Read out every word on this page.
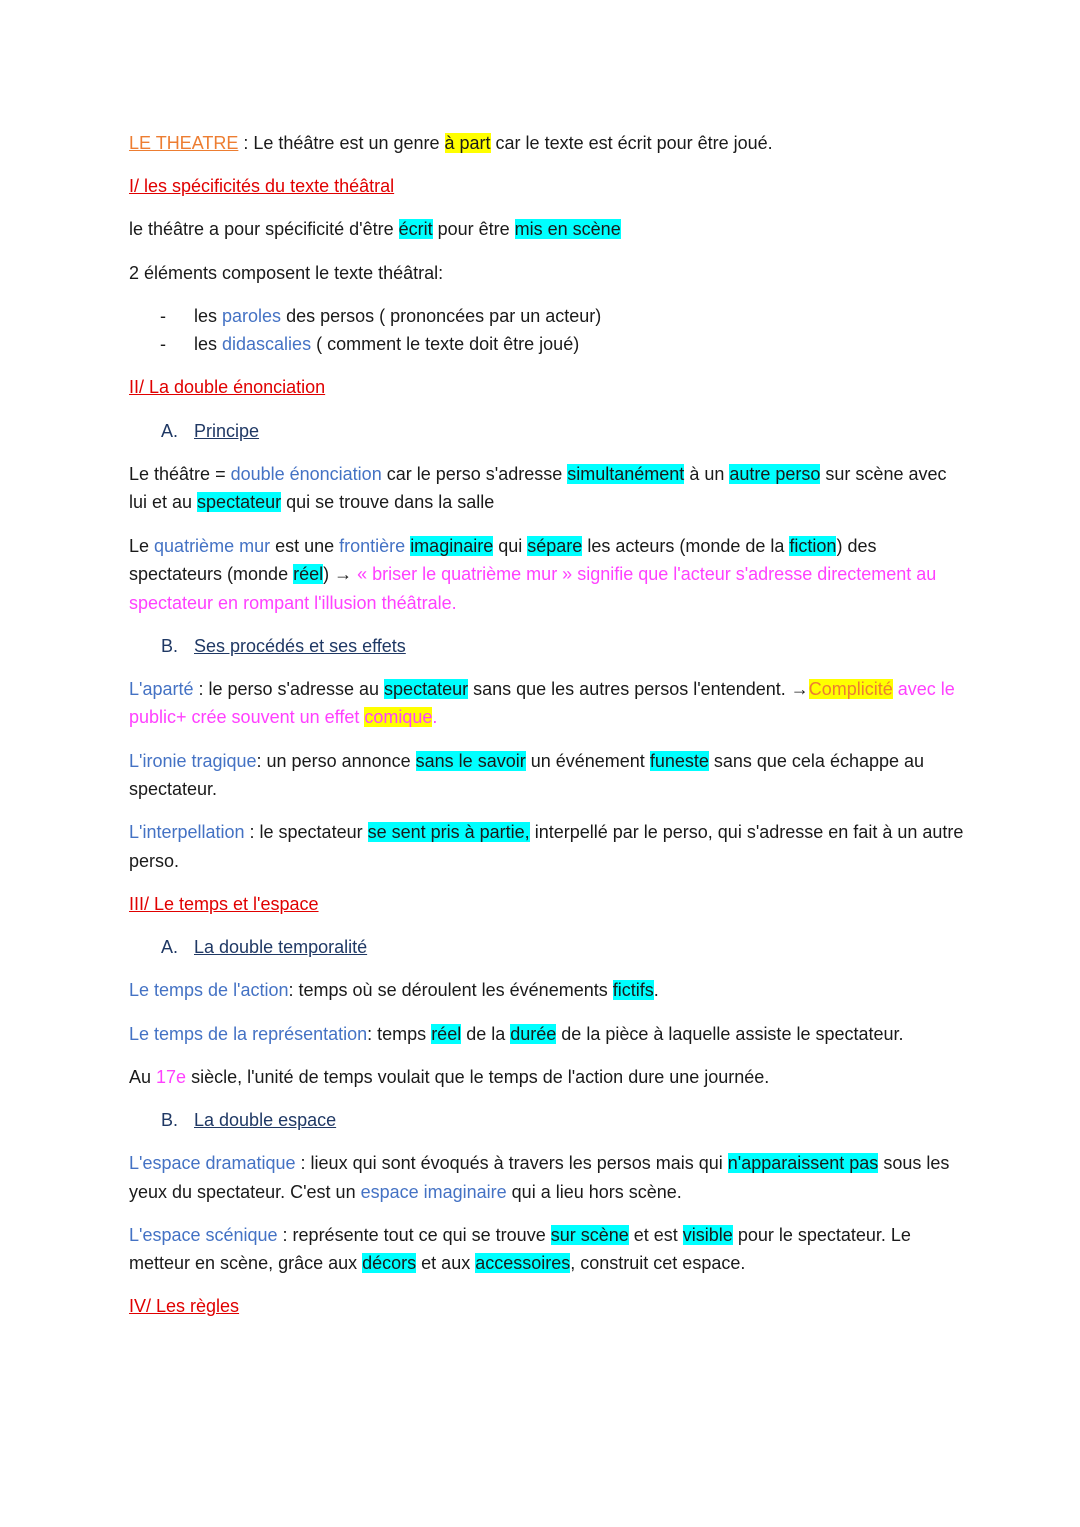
LE THEATRE : Le théâtre est un genre à part car le texte est écrit pour être joué.

I/ les spécificités du texte théâtral

le théâtre a pour spécificité d'être écrit pour être mis en scène

2 éléments composent le texte théâtral:

- les paroles des persos ( prononcées par un acteur)
- les didascalies ( comment le texte doit être joué)

II/ La double énonciation

A. Principe

Le théâtre = double énonciation car le perso s'adresse simultanément à un autre perso sur scène avec lui et au spectateur qui se trouve dans la salle

Le quatrième mur est une frontière imaginaire qui sépare les acteurs (monde de la fiction) des spectateurs (monde réel) → « briser le quatrième mur » signifie que l'acteur s'adresse directement au spectateur en rompant l'illusion théâtrale.

B. Ses procédés et ses effets

L'aparté : le perso s'adresse au spectateur sans que les autres persos l'entendent. →Complicité avec le public+ crée souvent un effet comique.

L'ironie tragique: un perso annonce sans le savoir un événement funeste sans que cela échappe au spectateur.

L'interpellation : le spectateur se sent pris à partie, interpellé par le perso, qui s'adresse en fait à un autre perso.

III/ Le temps et l'espace

A. La double temporalité

Le temps de l'action: temps où se déroulent les événements fictifs.

Le temps de la représentation: temps réel de la durée de la pièce à laquelle assiste le spectateur.

Au 17e siècle, l'unité de temps voulait que le temps de l'action dure une journée.

B. La double espace

L'espace dramatique : lieux qui sont évoqués à travers les persos mais qui n'apparaissent pas sous les yeux du spectateur. C'est un espace imaginaire qui a lieu hors scène.

L'espace scénique : représente tout ce qui se trouve sur scène et est visible pour le spectateur. Le metteur en scène, grâce aux décors et aux accessoires, construit cet espace.

IV/ Les règles
